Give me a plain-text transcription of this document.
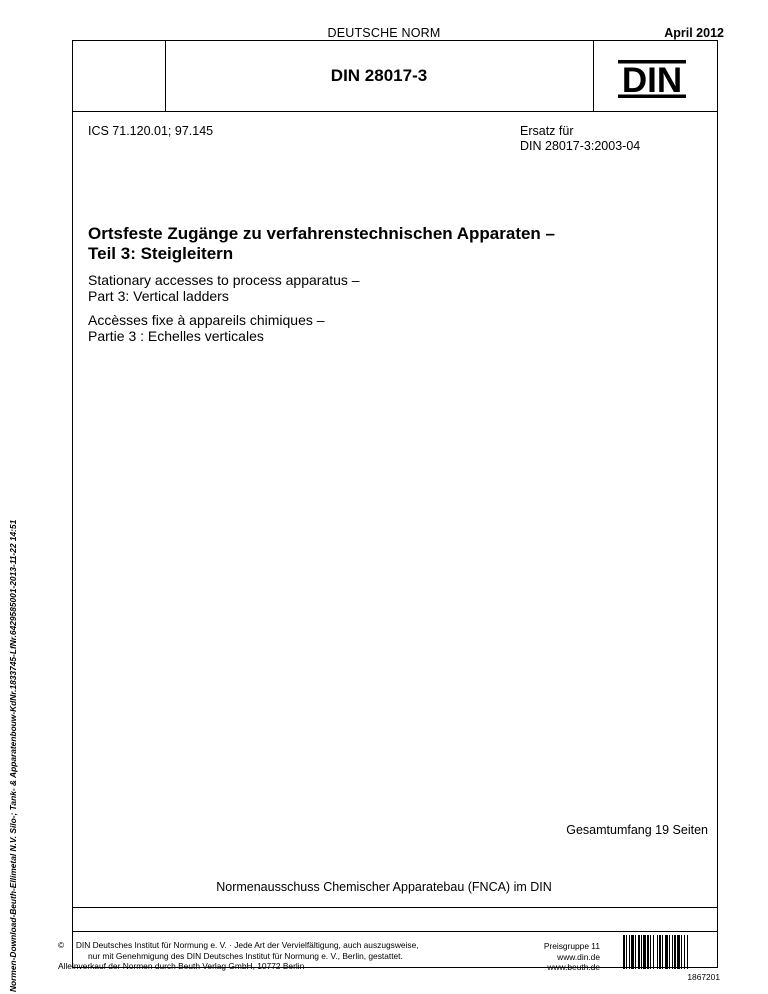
DEUTSCHE NORM	April 2012
DIN 28017-3	DIN
ICS 71.120.01; 97.145	Ersatz für
DIN 28017-3:2003-04
Ortsfeste Zugänge zu verfahrenstechnischen Apparaten –
Teil 3: Steigleitern
Stationary accesses to process apparatus –
Part 3: Vertical ladders
Accèsses fixe à appareils chimiques –
Partie 3 : Echelles verticales
Gesamtumfang 19 Seiten
Normenausschuss Chemischer Apparatebau (FNCA) im DIN
© DIN Deutsches Institut für Normung e. V. · Jede Art der Vervielfältigung, auch auszugsweise,
nur mit Genehmigung des DIN Deutsches Institut für Normung e. V., Berlin, gestattet.
Alleinverkauf der Normen durch Beuth Verlag GmbH, 10772 Berlin
Preisgruppe 11
www.din.de
www.beuth.de
1867201
Normen-Download-Beuth-Ellimetal N.V. Silo-; Tank- & Apparatenbouw-KdNr.1833745-LfNr.6429585001-2013-11-22 14:51
